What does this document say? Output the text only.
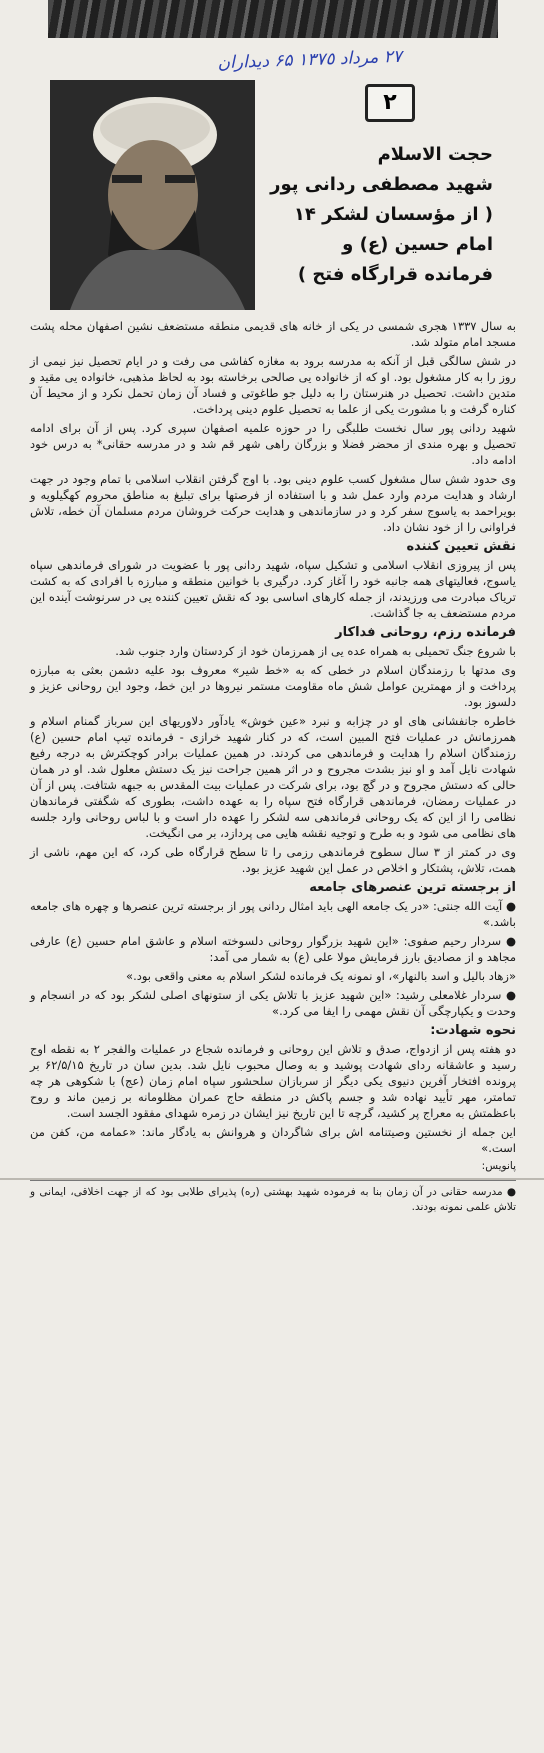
٢٧ مرداد ١٣٧٥ ۶۵ دیداران
٢
حجت الاسلام
شهید مصطفی ردانی پور
( از مؤسسان لشکر ۱۴
امام حسین (ع) و
فرمانده قرارگاه فتح )

به سال ۱۳۳۷ هجری شمسی در یکی از خانه های قدیمی منطقه مستضعف نشین اصفهان محله پشت مسجد امام متولد شد.

در شش سالگی قبل از آنکه به مدرسه برود به مغازه کفاشی می رفت و در ایام تحصیل نیز نیمی از روز را به کار مشغول بود. او که از خانواده یی صالحی برخاسته بود به لحاظ مذهبی، خانواده یی مقید و متدین داشت. تحصیل در هنرستان را به دلیل جو طاغوتی و فساد آن زمان تحمل نکرد و از محیط آن کناره گرفت و با مشورت یکی از علما به تحصیل علوم دینی پرداخت.

شهید ردانی پور سال نخست طلبگی را در حوزه علمیه اصفهان سپری کرد. پس از آن برای ادامه تحصیل و بهره مندی از محضر فضلا و بزرگان راهی شهر قم شد و در مدرسه حقانی* به درس خود ادامه داد.

وی حدود شش سال مشغول کسب علوم دینی بود. با اوج گرفتن انقلاب اسلامی با تمام وجود در جهت ارشاد و هدایت مردم وارد عمل شد و با استفاده از فرصتها برای تبلیغ به مناطق محروم کهگیلویه و بویراحمد به یاسوج سفر کرد و در سازماندهی و هدایت حرکت خروشان مردم مسلمان آن خطه، تلاش فراوانی را از خود نشان داد.

نقش تعیین کننده

پس از پیروزی انقلاب اسلامی و تشکیل سپاه، شهید ردانی پور با عضویت در شورای فرماندهی سپاه یاسوج، فعالیتهای همه جانبه خود را آغاز کرد. درگیری با خوانین منطقه و مبارزه با افرادی که به کشت تریاک مبادرت می ورزیدند، از جمله کارهای اساسی بود که نقش تعیین کننده یی در سرنوشت آینده این مردم مستضعف به جا گذاشت.

فرمانده رزم، روحانی فداکار

با شروع جنگ تحمیلی به همراه عده یی از همرزمان خود از کردستان وارد جنوب شد.

وی مدتها با رزمندگان اسلام در خطی که به «خط شیر» معروف بود علیه دشمن بعثی به مبارزه پرداخت و از مهمترین عوامل شش ماه مقاومت مستمر نیروها در این خط، وجود این روحانی عزیز و دلسوز بود.

خاطره جانفشانی های او در چزابه و نبرد «عین خوش» یادآور دلاوریهای این سرباز گمنام اسلام و همرزمانش در عملیات فتح المبین است، که در کنار شهید خرازی - فرمانده تیپ امام حسین (ع) رزمندگان اسلام را هدایت و فرماندهی می کردند. در همین عملیات برادر کوچکترش به درجه رفیع شهادت نایل آمد و او نیز بشدت مجروح و در اثر همین جراحت نیز یک دستش معلول شد. او در همان حالی که دستش مجروح و در گچ بود، برای شرکت در عملیات بیت المقدس به جبهه شتافت. پس از آن در عملیات رمضان، فرماندهی قرارگاه فتح سپاه را به عهده داشت، بطوری که شگفتی فرماندهان نظامی را از این که یک روحانی فرماندهی سه لشکر را عهده دار است و با لباس روحانی وارد جلسه های نظامی می شود و به طرح و توجیه نقشه هایی می پردازد، بر می انگیخت.

وی در کمتر از ۳ سال سطوح فرماندهی رزمی را تا سطح قرارگاه طی کرد، که این مهم، ناشی از همت، تلاش، پشتکار و اخلاص در عمل این شهید عزیز بود.

از برجسته ترین عنصرهای جامعه

● آیت الله جنتی: «در یک جامعه الهی باید امثال ردانی پور از برجسته ترین عنصرها و چهره های جامعه باشد.»

● سردار رحیم صفوی: «این شهید بزرگوار روحانی دلسوخته اسلام و عاشق امام حسین (ع) عارفی مجاهد و از مصادیق بارز فرمایش مولا علی (ع) به شمار می آمد:

«زهاد بالیل و اسد بالنهار»، او نمونه یک فرمانده لشکر اسلام به معنی واقعی بود.»

● سردار غلامعلی رشید: «این شهید عزیز با تلاش یکی از ستونهای اصلی لشکر بود که در انسجام و وحدت و یکپارچگی آن نقش مهمی را ایفا می کرد.»

نحوه شهادت:

دو هفته پس از ازدواج، صدق و تلاش این روحانی و فرمانده شجاع در عملیات والفجر ۲ به نقطه اوج رسید و عاشقانه ردای شهادت پوشید و به وصال محبوب نایل شد. بدین سان در تاریخ ۶۲/۵/۱۵ بر پرونده افتخار آفرین دنیوی یکی دیگر از سربازان سلحشور سپاه امام زمان (عج) با شکوهی هر چه تمامتر، مهر تأیید نهاده شد و جسم پاکش در منطقه حاج عمران مظلومانه بر زمین ماند و روح باعظمتش به معراج پر کشید، گرچه تا این تاریخ نیز ایشان در زمره شهدای مفقود الجسد است.

این جمله از نخستین وصیتنامه اش برای شاگردان و هروانش به یادگار ماند: «عمامه من، کفن من است.»

پانویس:

● مدرسه حقانی در آن زمان بنا به فرموده شهید بهشتی (ره) پذیرای طلابی بود که از جهت اخلاقی، ایمانی و تلاش علمی نمونه بودند.
